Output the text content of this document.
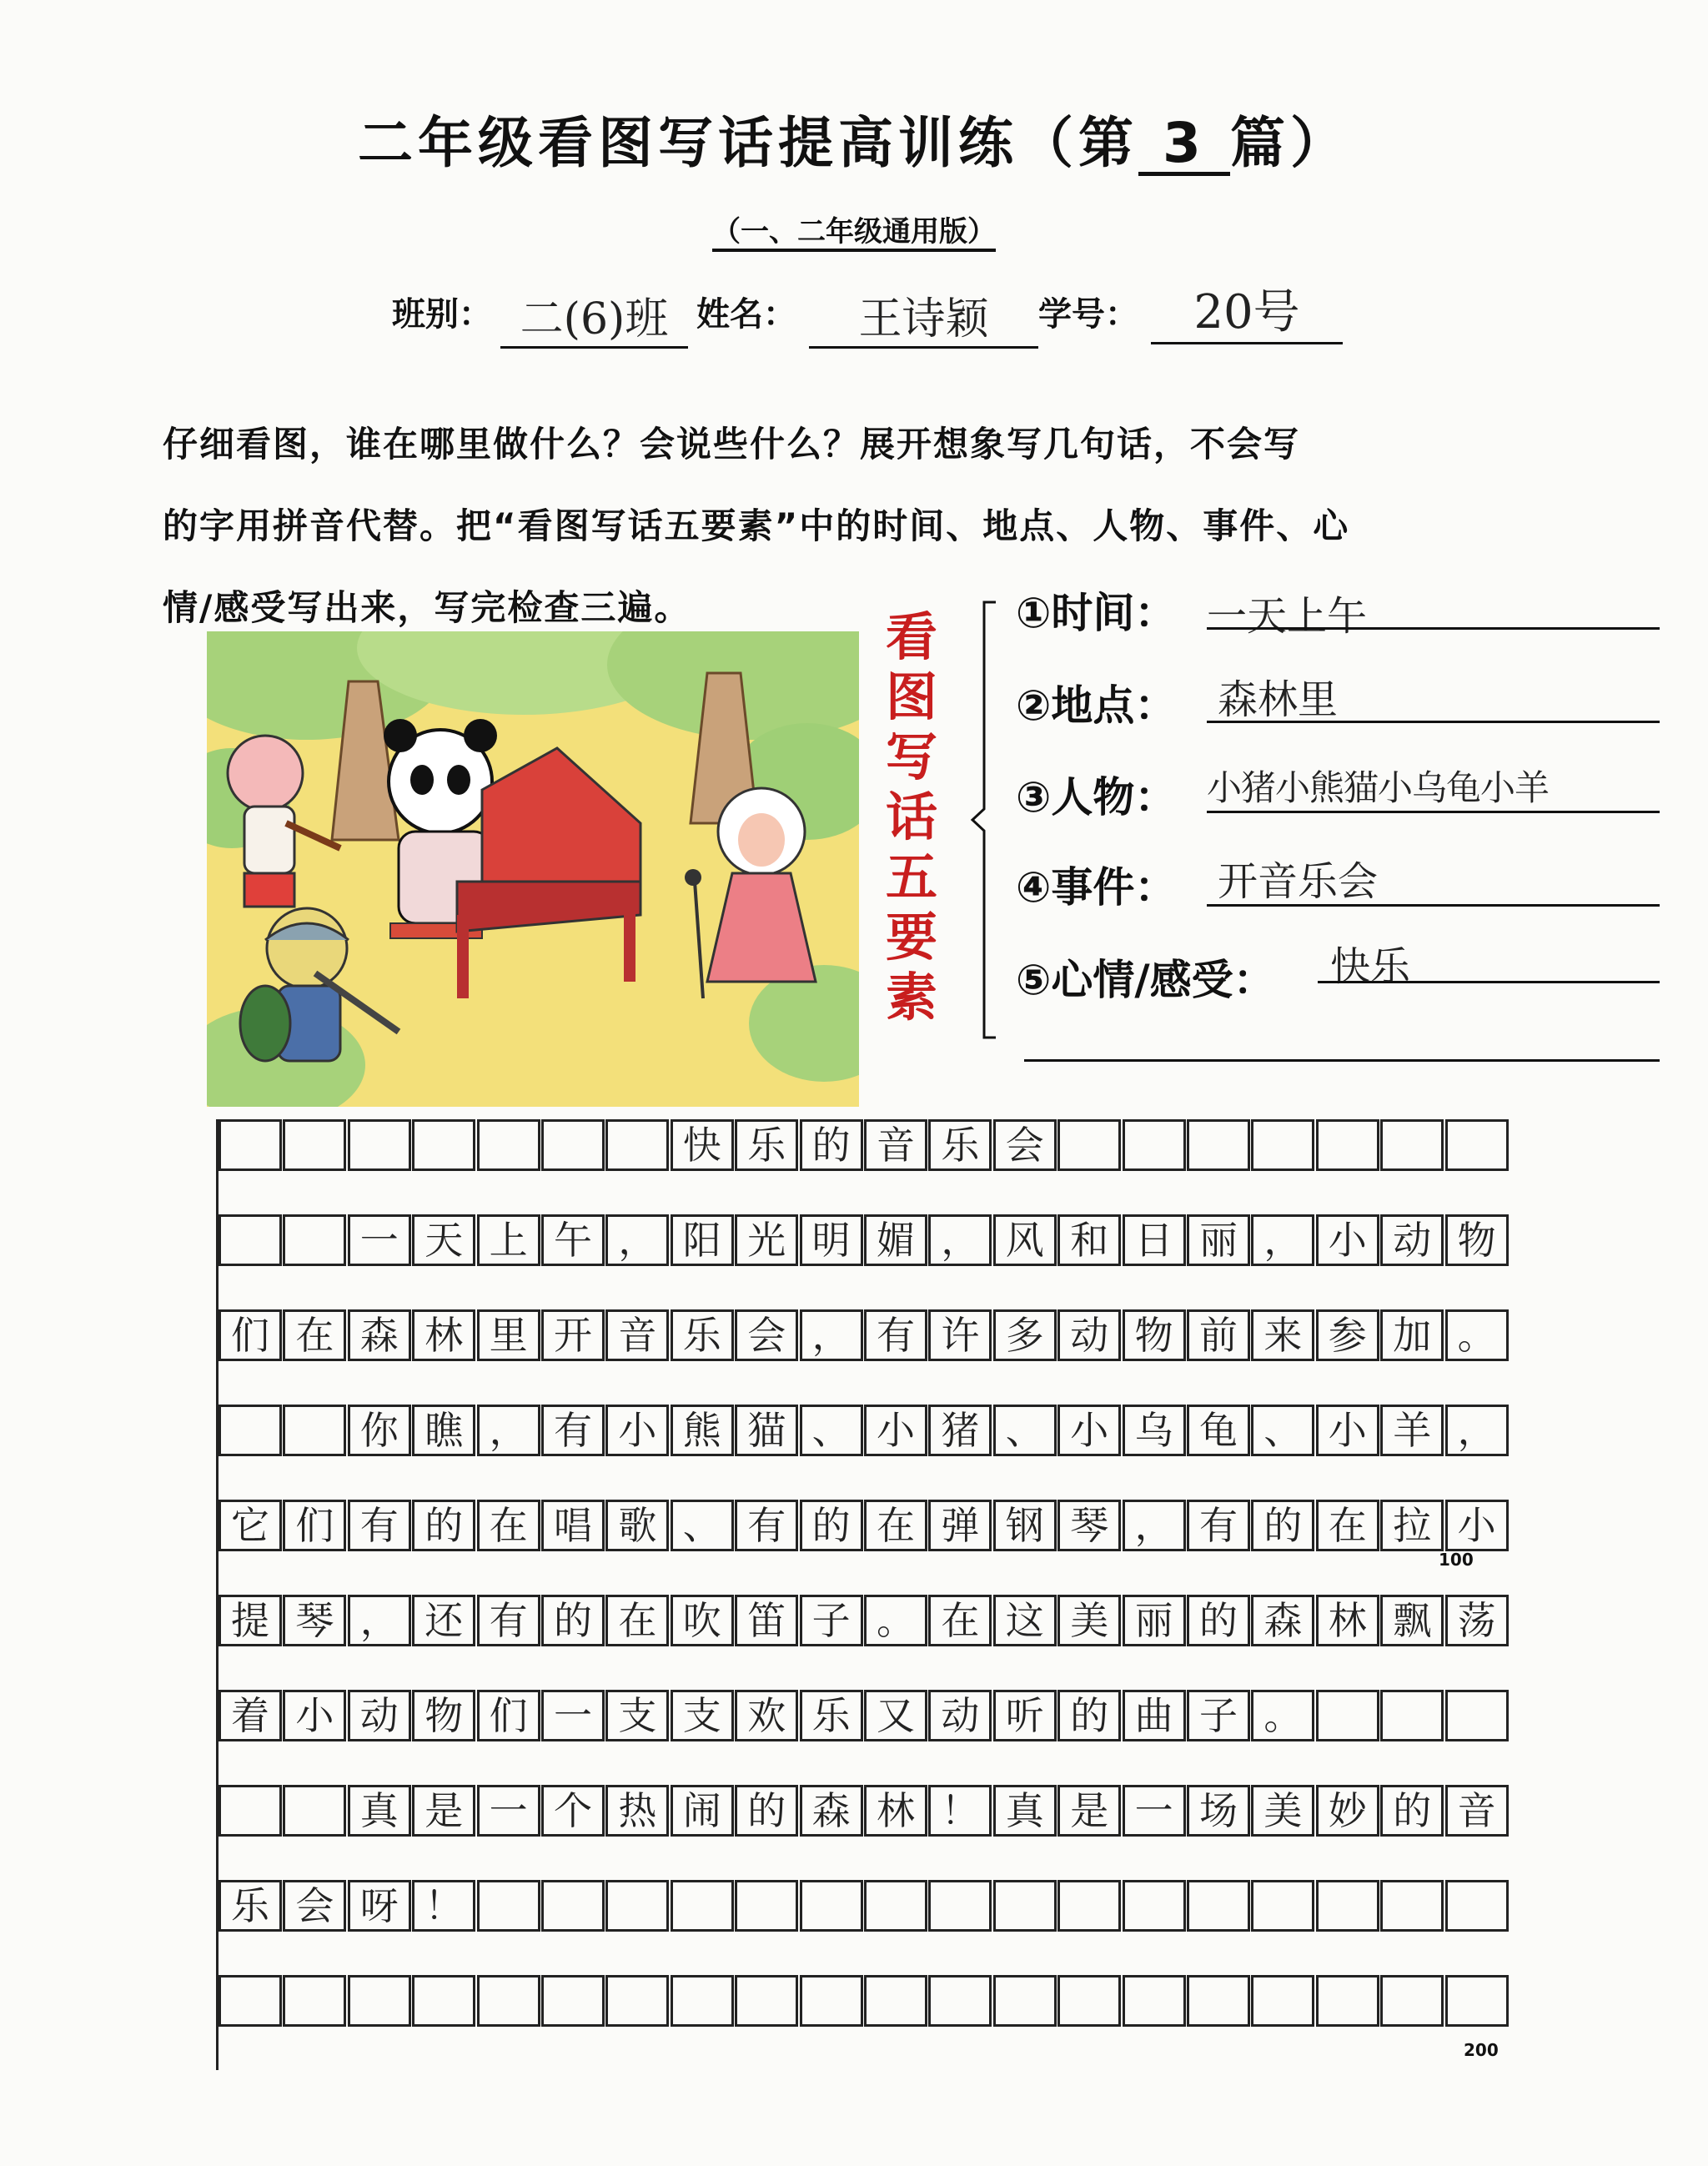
二年级看图写话提高训练（第 3 篇）
（一、二年级通用版）
班别： 二(6)班 姓名：	王诗颖	学号：	20号
仔细看图，谁在哪里做什么？会说些什么？展开想象写几句话，不会写
的字用拼音代替。把“看图写话五要素”中的时间、地点、人物、事件、心
情/感受写出来，写完检查三遍。	看图写话五要素
①时间： 一天上午
②地点： 森林里
③人物： 小猪小熊猫小乌龟小羊
④事件： 开音乐会
⑤心情/感受： 快乐
快 乐 的 音 乐 会
一 天 上 午 ， 阳 光 明 媚 ， 风 和 日 丽 ， 小 动 物
们 在 森 林 里 开 音 乐 会 ， 有 许 多 动 物 前 来 参 加 。
你 瞧 ， 有 小 熊 猫 、 小 猪 、 小 乌 龟 、 小 羊 ，
它 们 有 的 在 唱 歌 、 有 的 在 弹 钢 琴 ， 有 的 在 拉 小
提 琴 ， 还 有 的 在 吹 笛 子 。 在 这 美 丽 的 森 林 飘 荡
着 小 动 物 们 一 支 支 欢 乐 又 动 听 的 曲 子 。
真 是 一 个 热 闹 的 森 林 ！ 真 是 一 场 美 妙 的 音
乐 会 呀 ！
100
200
